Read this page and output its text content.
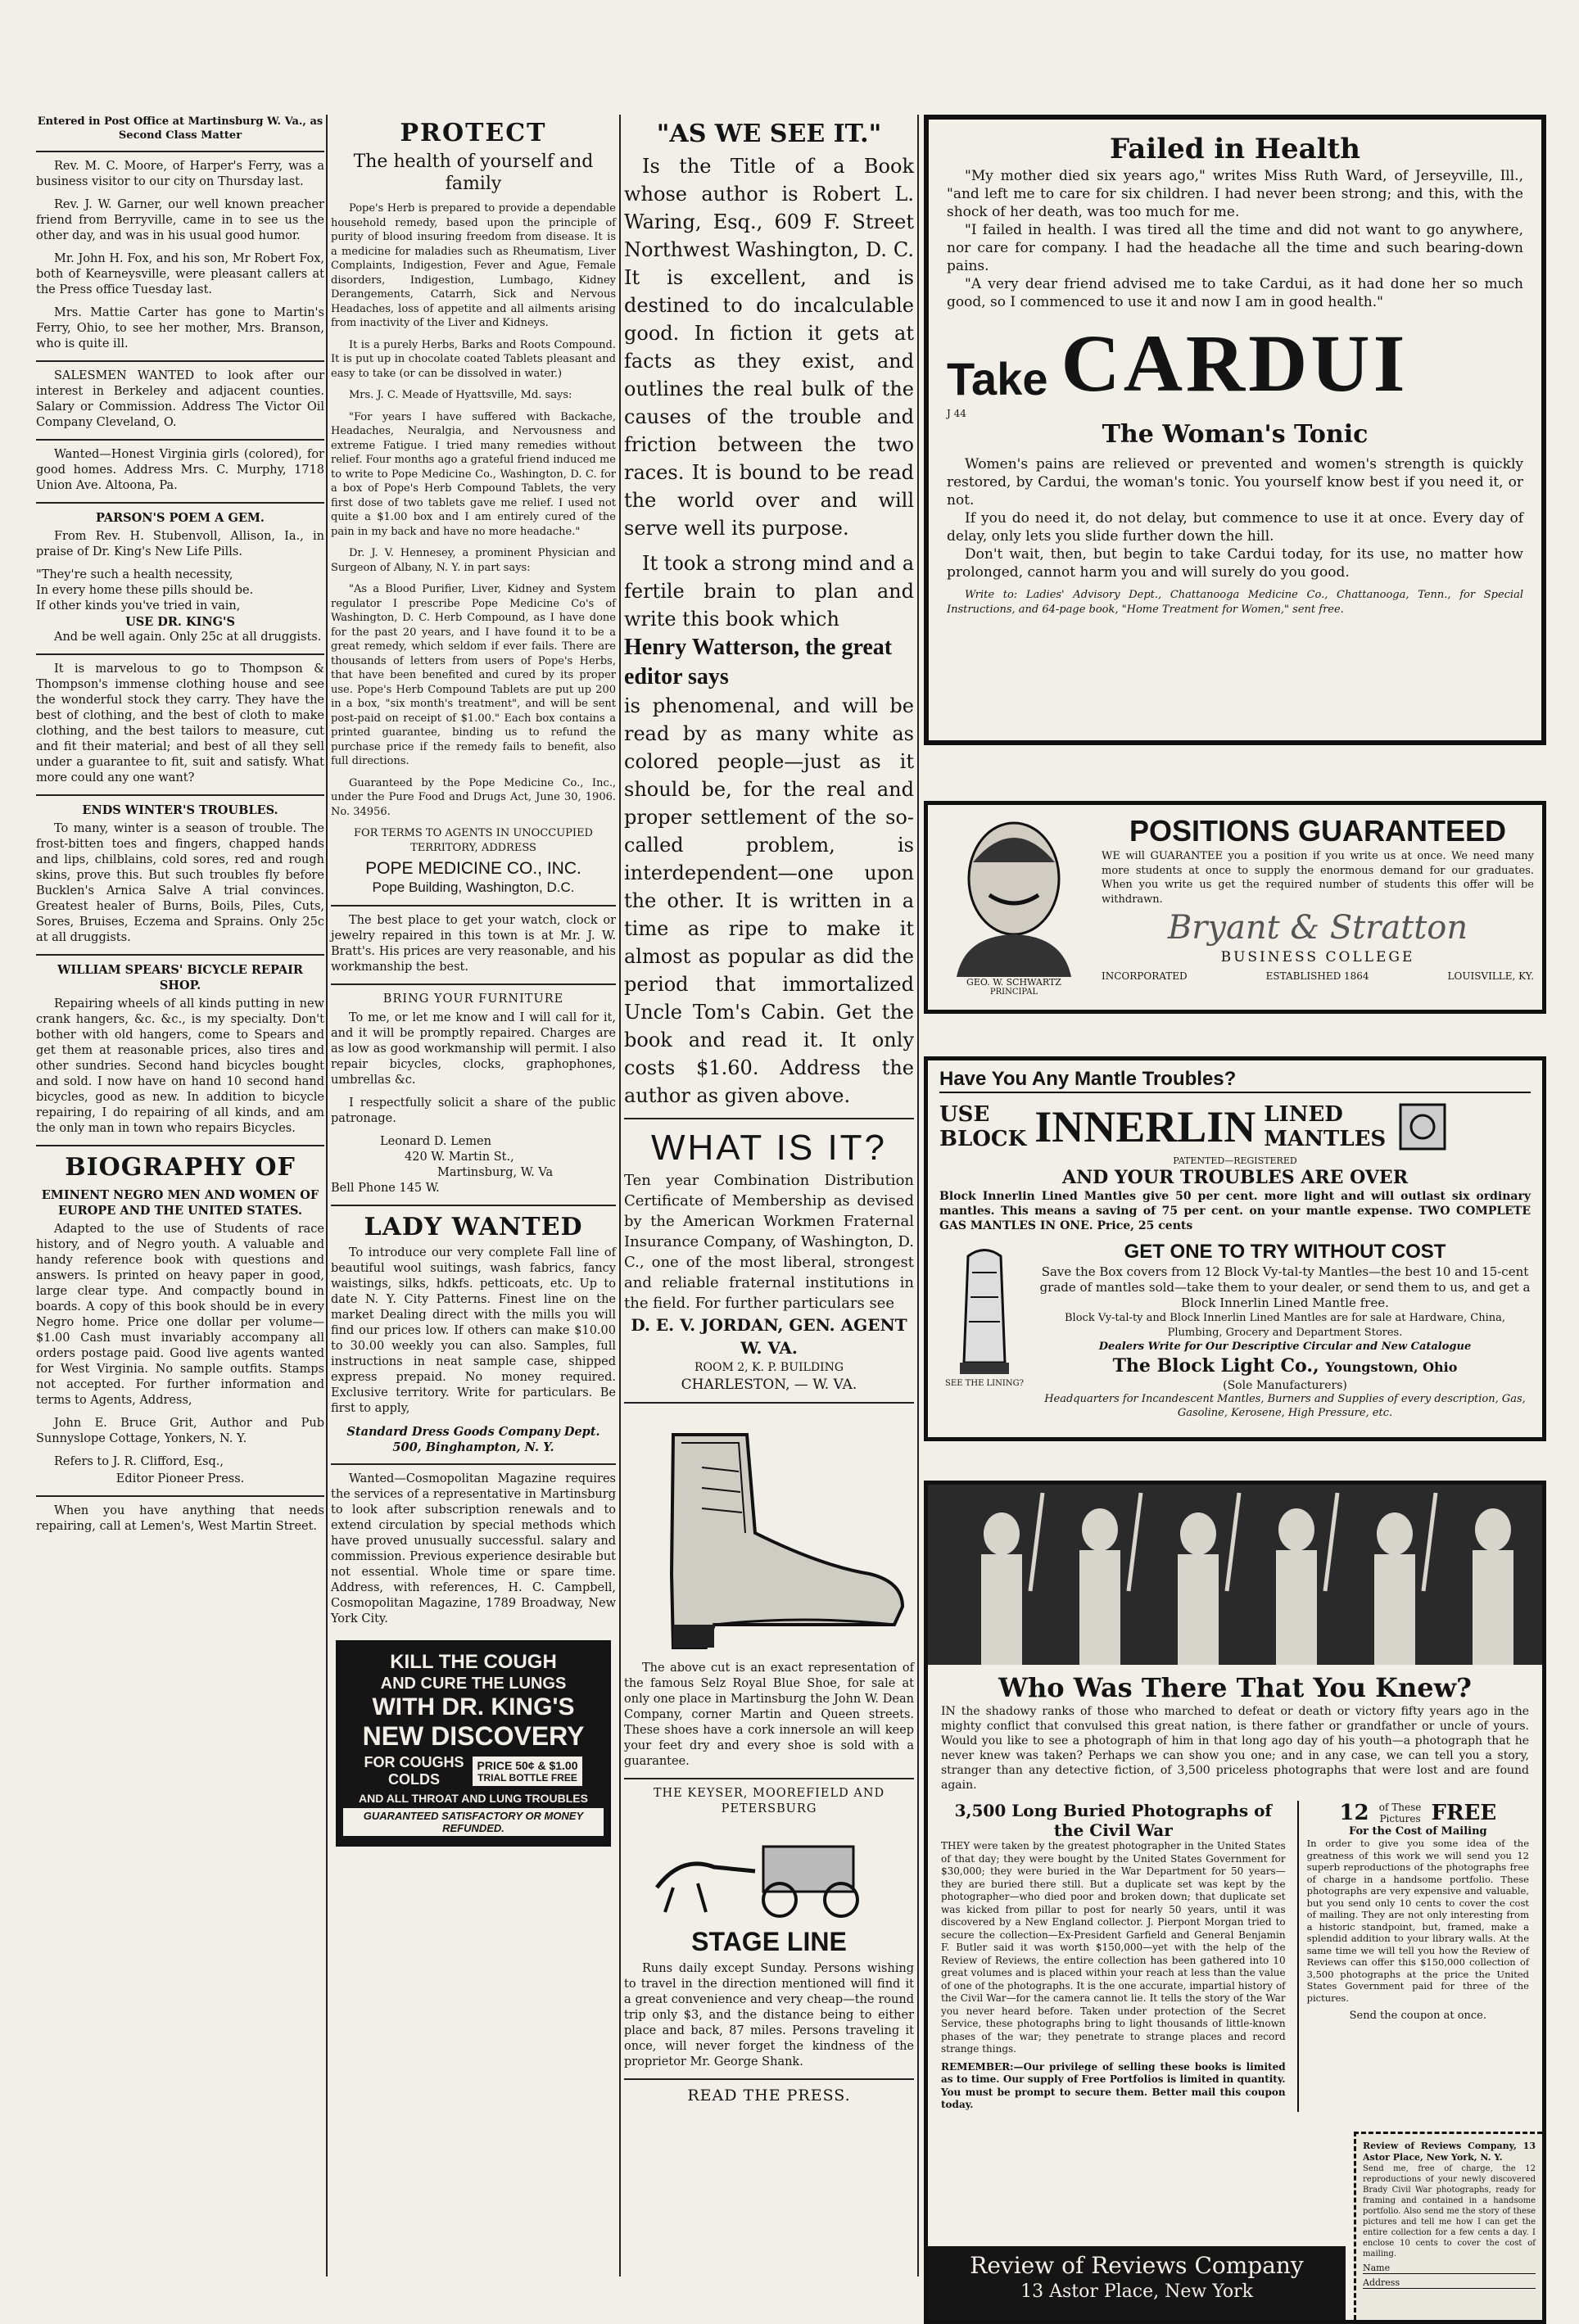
Entered in Post Office at Martinsburg W. Va., as Second Class Matter

Rev. M. C. Moore, of Harper's Ferry, was a business visitor to our city on Thursday last.

Rev. J. W. Garner, our well known preacher friend from Berryville, came in to see us the other day, and was in his usual good humor.

Mr. John H. Fox, and his son, Mr Robert Fox, both of Kearneysville, were pleasant callers at the Press office Tuesday last.

Mrs. Mattie Carter has gone to Martin's Ferry, Ohio, to see her mother, Mrs. Branson, who is quite ill.

SALESMEN WANTED to look after our interest in Berkeley and adjacent counties. Salary or Commission. Address The Victor Oil Company Cleveland, O.

Wanted—Honest Virginia girls (colored), for good homes. Address Mrs. C. Murphy, 1718 Union Ave. Altoona, Pa.

PARSON'S POEM A GEM.

From Rev. H. Stubenvoll, Allison, Ia., in praise of Dr. King's New Life Pills.

"They're such a health necessity,

In every home these pills should be.

If other kinds you've tried in vain,

USE DR. KING'S

And be well again. Only 25c at all druggists.

It is marvelous to go to Thompson & Thompson's immense clothing house and see the wonderful stock they carry. They have the best of clothing, and the best of cloth to make clothing, and the best tailors to measure, cut and fit their material; and best of all they sell under a guarantee to fit, suit and satisfy. What more could any one want?

ENDS WINTER'S TROUBLES.

To many, winter is a season of trouble. The frost-bitten toes and fingers, chapped hands and lips, chilblains, cold sores, red and rough skins, prove this. But such troubles fly before Bucklen's Arnica Salve A trial convinces. Greatest healer of Burns, Boils, Piles, Cuts, Sores, Bruises, Eczema and Sprains. Only 25c at all druggists.

WILLIAM SPEARS' BICYCLE REPAIR SHOP.

Repairing wheels of all kinds putting in new crank hangers, &c. &c., is my specialty. Don't bother with old hangers, come to Spears and get them at reasonable prices, also tires and other sundries. Second hand bicycles bought and sold. I now have on hand 10 second hand bicycles, good as new. In addition to bicycle repairing, I do repairing of all kinds, and am the only man in town who repairs Bicycles.

BIOGRAPHY OF

EMINENT NEGRO MEN AND WOMEN OF EUROPE AND THE UNITED STATES.

Adapted to the use of Students of race history, and of Negro youth. A valuable and handy reference book with questions and answers. Is printed on heavy paper in good, large clear type. And compactly bound in boards. A copy of this book should be in every Negro home. Price one dollar per volume—$1.00 Cash must invariably accompany all orders postage paid. Good live agents wanted for West Virginia. No sample outfits. Stamps not accepted. For further information and terms to Agents, Address,

John E. Bruce Grit, Author and Pub Sunnyslope Cottage, Yonkers, N. Y.

Refers to J. R. Clifford, Esq.,

Editor Pioneer Press.

When you have anything that needs repairing, call at Lemen's, West Martin Street.

PROTECT

The health of yourself and family

Pope's Herb is prepared to provide a dependable household remedy, based upon the principle of purity of blood insuring freedom from disease. It is a medicine for maladies such as Rheumatism, Liver Complaints, Indigestion, Fever and Ague, Female disorders, Indigestion, Lumbago, Kidney Derangements, Catarrh, Sick and Nervous Headaches, loss of appetite and all ailments arising from inactivity of the Liver and Kidneys.

It is a purely Herbs, Barks and Roots Compound. It is put up in chocolate coated Tablets pleasant and easy to take (or can be dissolved in water.)

Mrs. J. C. Meade of Hyattsville, Md. says:

"For years I have suffered with Backache, Headaches, Neuralgia, and Nervousness and extreme Fatigue. I tried many remedies without relief. Four months ago a grateful friend induced me to write to Pope Medicine Co., Washington, D. C. for a box of Pope's Herb Compound Tablets, the very first dose of two tablets gave me relief. I used not quite a $1.00 box and I am entirely cured of the pain in my back and have no more headache."

Dr. J. V. Hennesey, a prominent Physician and Surgeon of Albany, N. Y. in part says:

"As a Blood Purifier, Liver, Kidney and System regulator I prescribe Pope Medicine Co's of Washington, D. C. Herb Compound, as I have done for the past 20 years, and I have found it to be a great remedy, which seldom if ever fails. There are thousands of letters from users of Pope's Herbs, that have been benefited and cured by its proper use. Pope's Herb Compound Tablets are put up 200 in a box, "six month's treatment", and will be sent post-paid on receipt of $1.00." Each box contains a printed guarantee, binding us to refund the purchase price if the remedy fails to benefit, also full directions.

Guaranteed by the Pope Medicine Co., Inc., under the Pure Food and Drugs Act, June 30, 1906. No. 34956.

FOR TERMS TO AGENTS IN UNOCCUPIED TERRITORY, ADDRESS

POPE MEDICINE CO., INC.

Pope Building, Washington, D.C.

The best place to get your watch, clock or jewelry repaired in this town is at Mr. J. W. Bratt's. His prices are very reasonable, and his workmanship the best.

BRING YOUR FURNITURE

To me, or let me know and I will call for it, and it will be promptly repaired. Charges are as low as good workmanship will permit. I also repair bicycles, clocks, graphophones, umbrellas &c.

I respectfully solicit a share of the public patronage.

Leonard D. Lemen

420 W. Martin St.,

Martinsburg, W. Va

Bell Phone 145 W.

LADY WANTED

To introduce our very complete Fall line of beautiful wool suitings, wash fabrics, fancy waistings, silks, hdkfs. petticoats, etc. Up to date N. Y. City Patterns. Finest line on the market Dealing direct with the mills you will find our prices low. If others can make $10.00 to 30.00 weekly you can also. Samples, full instructions in neat sample case, shipped express prepaid. No money required. Exclusive territory. Write for particulars. Be first to apply,

Standard Dress Goods Company Dept. 500, Binghampton, N. Y.

Wanted—Cosmopolitan Magazine requires the services of a representative in Martinsburg to look after subscription renewals and to extend circulation by special methods which have proved unusually successful. salary and commission. Previous experience desirable but not essential. Whole time or spare time. Address, with references, H. C. Campbell, Cosmopolitan Magazine, 1789 Broadway, New York City.

KILL THE COUGH
AND CURE THE LUNGS
WITH DR. KING'S
NEW DISCOVERY
FOR COUGHS
COLDS
PRICE 50¢ & $1.00
TRIAL BOTTLE FREE
AND ALL THROAT AND LUNG TROUBLES
GUARANTEED SATISFACTORY OR MONEY REFUNDED.

"AS WE SEE IT."

Is the Title of a Book whose author is Robert L. Waring, Esq., 609 F. Street Northwest Washington, D. C. It is excellent, and is destined to do incalculable good. In fiction it gets at facts as they exist, and outlines the real bulk of the causes of the trouble and friction between the two races. It is bound to be read the world over and will serve well its purpose.

It took a strong mind and a fertile brain to plan and write this book which

Henry Watterson, the great editor says

is phenomenal, and will be read by as many white as colored people—just as it should be, for the real and proper settlement of the so-called problem, is interdependent—one upon the other. It is written in a time as ripe to make it almost as popular as did the period that immortalized Uncle Tom's Cabin. Get the book and read it. It only costs $1.60. Address the author as given above.

WHAT IS IT?

Ten year Combination Distribution Certificate of Membership as devised by the American Workmen Fraternal Insurance Company, of Washington, D. C., one of the most liberal, strongest and reliable fraternal institutions in the field. For further particulars see

D. E. V. JORDAN, GEN. AGENT W. VA.

ROOM 2, K. P. BUILDING

CHARLESTON, — W. VA.

The above cut is an exact representation of the famous Selz Royal Blue Shoe, for sale at only one place in Martinsburg the John W. Dean Company, corner Martin and Queen streets. These shoes have a cork innersole an will keep your feet dry and every shoe is sold with a guarantee.

THE KEYSER, MOOREFIELD AND PETERSBURG

STAGE LINE

Runs daily except Sunday. Persons wishing to travel in the direction mentioned will find it a great convenience and very cheap—the round trip only $3, and the distance being to either place and back, 87 miles. Persons traveling it once, will never forget the kindness of the proprietor Mr. George Shank.

READ THE PRESS.

Failed in Health

"My mother died six years ago," writes Miss Ruth Ward, of Jerseyville, Ill., "and left me to care for six children. I had never been strong; and this, with the shock of her death, was too much for me.

"I failed in health. I was tired all the time and did not want to go anywhere, nor care for company. I had the headache all the time and such bearing-down pains.

"A very dear friend advised me to take Cardui, as it had done her so much good, so I commenced to use it and now I am in good health."

Take CARDUI

J 44

The Woman's Tonic

Women's pains are relieved or prevented and women's strength is quickly restored, by Cardui, the woman's tonic. You yourself know best if you need it, or not.

If you do need it, do not delay, but commence to use it at once. Every day of delay, only lets you slide further down the hill.

Don't wait, then, but begin to take Cardui today, for its use, no matter how prolonged, cannot harm you and will surely do you good.

Write to: Ladies' Advisory Dept., Chattanooga Medicine Co., Chattanooga, Tenn., for Special Instructions, and 64-page book, "Home Treatment for Women," sent free.

GEO. W. SCHWARTZ

PRINCIPAL

POSITIONS GUARANTEED

WE will GUARANTEE you a position if you write us at once. We need many more students at once to supply the enormous demand for our graduates. When you write us get the required number of students this offer will be withdrawn.

Bryant & Stratton

BUSINESS COLLEGE

INCORPORATED	ESTABLISHED 1864	LOUISVILLE, KY.

Have You Any Mantle Troubles?

USE
BLOCK INNERLIN LINED
MANTLES

PATENTED—REGISTERED

AND YOUR TROUBLES ARE OVER

Block Innerlin Lined Mantles give 50 per cent. more light and will outlast six ordinary mantles. This means a saving of 75 per cent. on your mantle expense. TWO COMPLETE GAS MANTLES IN ONE. Price, 25 cents

SEE THE LINING?

GET ONE TO TRY WITHOUT COST

Save the Box covers from 12 Block Vy-tal-ty Mantles—the best 10 and 15-cent grade of mantles sold—take them to your dealer, or send them to us, and get a Block Innerlin Lined Mantle free.

Block Vy-tal-ty and Block Innerlin Lined Mantles are for sale at Hardware, China, Plumbing, Grocery and Department Stores.

Dealers Write for Our Descriptive Circular and New Catalogue

The Block Light Co., Youngstown, Ohio

(Sole Manufacturers)

Headquarters for Incandescent Mantles, Burners and Supplies of every description, Gas, Gasoline, Kerosene, High Pressure, etc.

Who Was There That You Knew?

IN the shadowy ranks of those who marched to defeat or death or victory fifty years ago in the mighty conflict that convulsed this great nation, is there father or grandfather or uncle of yours. Would you like to see a photograph of him in that long ago day of his youth—a photograph that he never knew was taken? Perhaps we can show you one; and in any case, we can tell you a story, stranger than any detective fiction, of 3,500 priceless photographs that were lost and are found again.

3,500 Long Buried Photographs of the Civil War

THEY were taken by the greatest photographer in the United States of that day; they were bought by the United States Government for $30,000; they were buried in the War Department for 50 years—they are buried there still. But a duplicate set was kept by the photographer—who died poor and broken down; that duplicate set was kicked from pillar to post for nearly 50 years, until it was discovered by a New England collector. J. Pierpont Morgan tried to secure the collection—Ex-President Garfield and General Benjamin F. Butler said it was worth $150,000—yet with the help of the Review of Reviews, the entire collection has been gathered into 10 great volumes and is placed within your reach at less than the value of one of the photographs. It is the one accurate, impartial history of the Civil War—for the camera cannot lie. It tells the story of the War you never heard before. Taken under protection of the Secret Service, these photographs bring to light thousands of little-known phases of the war; they penetrate to strange places and record strange things.

REMEMBER:—Our privilege of selling these books is limited as to time. Our supply of Free Portfolios is limited in quantity. You must be prompt to secure them. Better mail this coupon today.

12	of These Pictures FREE

For the Cost of Mailing

In order to give you some idea of the greatness of this work we will send you 12 superb reproductions of the photographs free of charge in a handsome portfolio. These photographs are very expensive and valuable, but you send only 10 cents to cover the cost of mailing. They are not only interesting from a historic standpoint, but, framed, make a splendid addition to your library walls. At the same time we will tell you how the Review of Reviews can offer this $150,000 collection of 3,500 photographs at the price the United States Government paid for three of the pictures.

Send the coupon at once.

Review of Reviews Company, 13 Astor Place, New York, N. Y.

Send me, free of charge, the 12 reproductions of your newly discovered Brady Civil War photographs, ready for framing and contained in a handsome portfolio. Also send me the story of these pictures and tell me how I can get the entire collection for a few cents a day. I enclose 10 cents to cover the cost of mailing.

Name

Address

Review of Reviews Company

13 Astor Place, New York
